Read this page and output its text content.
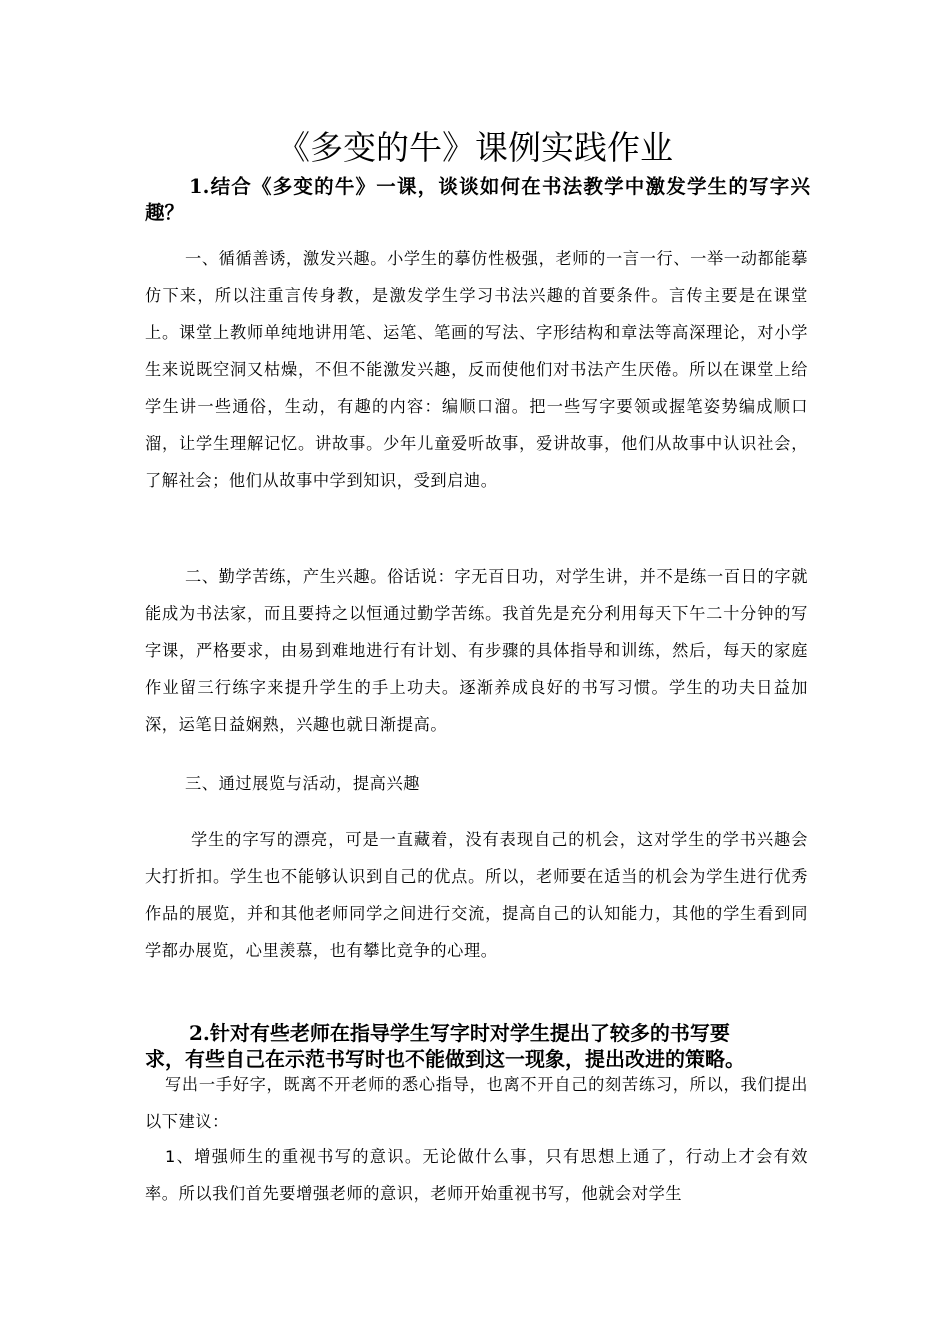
《多变的牛》课例实践作业
1.结合《多变的牛》一课，谈谈如何在书法教学中激发学生的写字兴趣？

一、循循善诱，激发兴趣。小学生的摹仿性极强，老师的一言一行、一举一动都能摹仿下来，所以注重言传身教，是激发学生学习书法兴趣的首要条件。言传主要是在课堂上。课堂上教师单纯地讲用笔、运笔、笔画的写法、字形结构和章法等高深理论，对小学生来说既空洞又枯燥，不但不能激发兴趣，反而使他们对书法产生厌倦。所以在课堂上给学生讲一些通俗，生动，有趣的内容：编顺口溜。把一些写字要领或握笔姿势编成顺口溜，让学生理解记忆。讲故事。少年儿童爱听故事，爱讲故事，他们从故事中认识社会，了解社会；他们从故事中学到知识，受到启迪。

二、勤学苦练，产生兴趣。俗话说：字无百日功，对学生讲，并不是练一百日的字就能成为书法家，而且要持之以恒通过勤学苦练。我首先是充分利用每天下午二十分钟的写字课，严格要求，由易到难地进行有计划、有步骤的具体指导和训练，然后，每天的家庭作业留三行练字来提升学生的手上功夫。逐渐养成良好的书写习惯。学生的功夫日益加深，运笔日益娴熟，兴趣也就日渐提高。

三、通过展览与活动，提高兴趣

学生的字写的漂亮，可是一直藏着，没有表现自己的机会，这对学生的学书兴趣会大打折扣。学生也不能够认识到自己的优点。所以，老师要在适当的机会为学生进行优秀作品的展览，并和其他老师同学之间进行交流，提高自己的认知能力，其他的学生看到同学都办展览，心里羡慕，也有攀比竞争的心理。

2.针对有些老师在指导学生写字时对学生提出了较多的书写要
求，有些自己在示范书写时也不能做到这一现象，提出改进的策略。

写出一手好字，既离不开老师的悉心指导，也离不开自己的刻苦练习，所以，我们提出以下建议：

1、增强师生的重视书写的意识。无论做什么事，只有思想上通了，行动上才会有效率。所以我们首先要增强老师的意识，老师开始重视书写，他就会对学生
